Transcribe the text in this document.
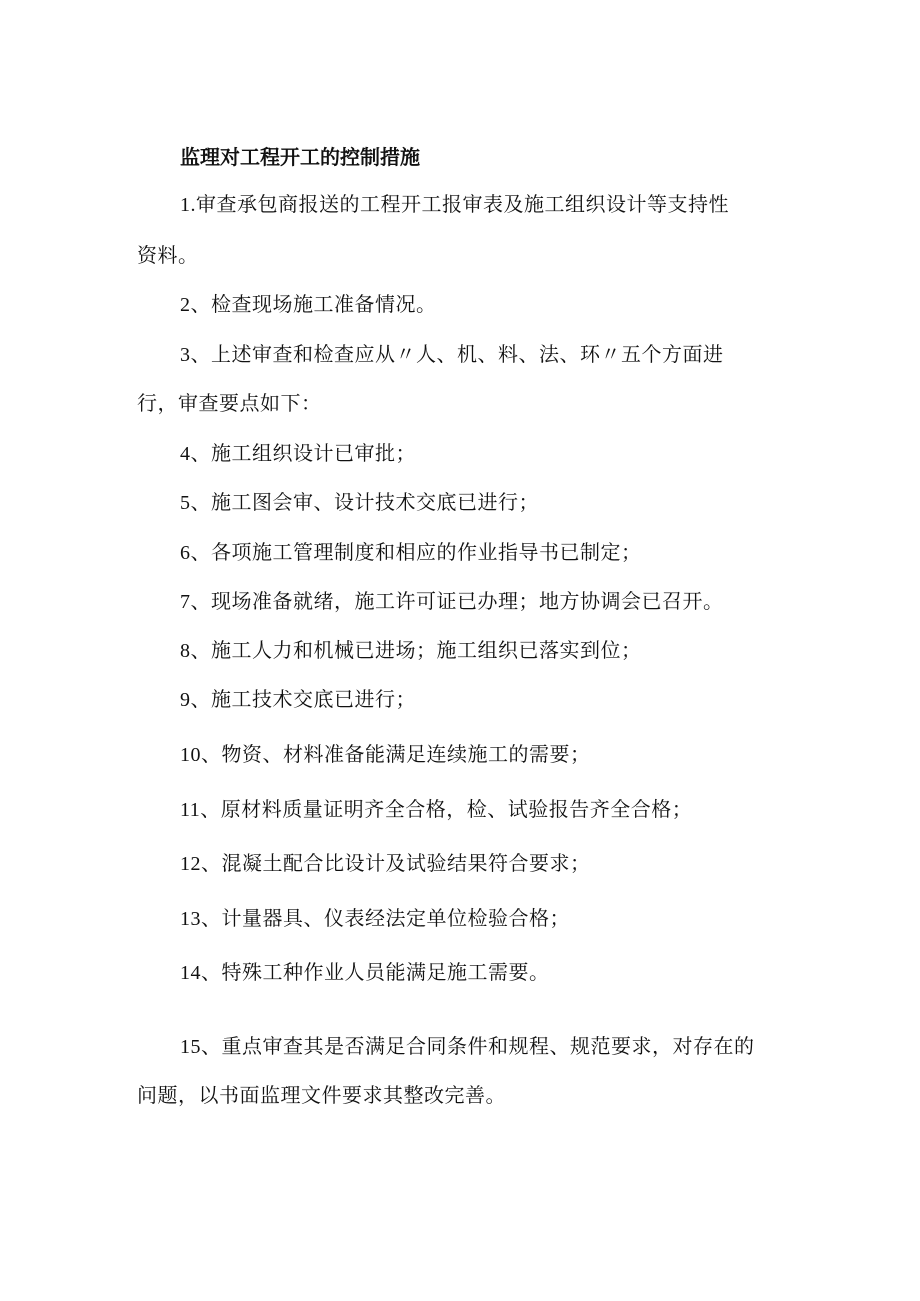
监理对工程开工的控制措施
1.审查承包商报送的工程开工报审表及施工组织设计等支持性
资料。
2、检查现场施工准备情况。
3、上述审查和检查应从〃人、机、料、法、环〃五个方面进
行，审查要点如下：
4、施工组织设计已审批；
5、施工图会审、设计技术交底已进行；
6、各项施工管理制度和相应的作业指导书已制定；
7、现场准备就绪，施工许可证已办理；地方协调会已召开。
8、施工人力和机械已进场；施工组织已落实到位；
9、施工技术交底已进行；
10、物资、材料准备能满足连续施工的需要；
11、原材料质量证明齐全合格，检、试验报告齐全合格；
12、混凝土配合比设计及试验结果符合要求；
13、计量器具、仪表经法定单位检验合格；
14、特殊工种作业人员能满足施工需要。
15、重点审查其是否满足合同条件和规程、规范要求，对存在的
问题，以书面监理文件要求其整改完善。
